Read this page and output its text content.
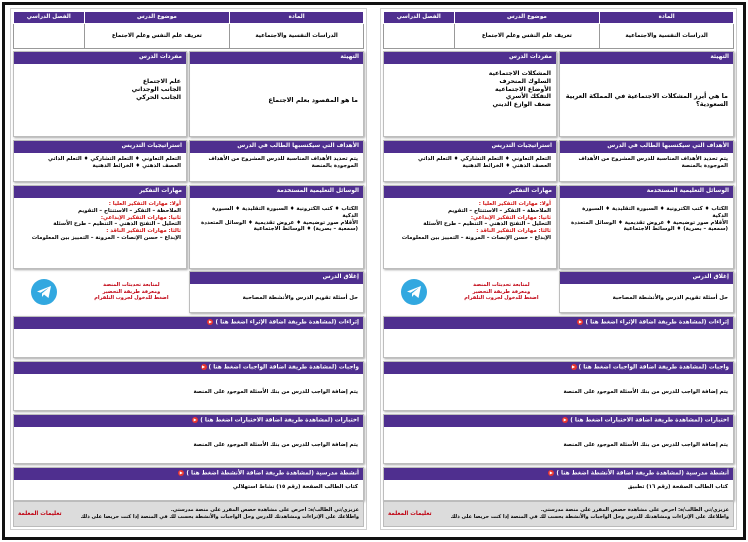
المادة	موضوع الدرس	الفصل الدراسي
الدراسات النفسية والاجتماعية	تعريف علم النفس وعلم الاجتماع	
التهيئة
ما هي أبرز المشكلات الاجتماعية في المملكة العربية السعودية؟
مفردات الدرس
المشكلات الاجتماعية
السلوك المنحرف
الأوضاع الاجتماعية
التفكك الأسري
ضعف الوازع الديني
الأهداف التي سيكتسبها الطالب في الدرس
يتم تحديد الأهداف المناسبة للدرس المشروح من الأهداف الموجودة بالمنصة
استراتيجيات التدريس
التعلم التعاوني ♦ التعلم التشاركي ♦ التعلم الذاتي
العصف الذهني ♦ الخرائط الذهنية
الوسائل التعليمية المستخدمة
الكتاب ♦ كتب الكترونية ♦ السبورة التقليدية ♦ السبورة الذكية
الأقلام صور توضيحية ♦ عروض تقديمية ♦ الوسائل المتعددة
(سمعية – بصرية) ♦ الوسائط الاجتماعية
مهارات التفكير
أولا: مهارات التفكير العليا :
الملاحظة – التفكر – الاستنتاج – التقويم
ثانيا: مهارات التفكير الإبداعي:
التحليل – التفتح الذهني – التنظيم – طرح الأسئلة
ثالثا: مهارات التفكير الناقد :
الإبداع – حسن الإنصات – المرونة – التمييز بين المعلومات
إغلاق الدرس
حل أسئلة تقويم الدرس والأنشطة المصاحبة
لمتابعة تحديثات المنصة
ومعرفة طريقة التحضير
اضغط للدخول لجروب التلقرام
إثراءات (لمشاهدة طريقة اضافة الإثراء اضغط هنا ) ▶
واجبات (لمشاهدة طريقة اضافة الواجبات اضغط هنا ) ▶
يتم إضافة الواجب للدرس من بنك الأسئلة الموجود على المنصة
اختبارات (لمشاهدة طريقة اضافة الاختبارات اضغط هنا ) ▶
يتم إضافة الواجب للدرس من بنك الأسئلة الموجود على المنصة
أنشطة مدرسية (لمشاهدة طريقة اضافة الأنشطة اضغط هنا ) ▶
كتاب الطالب الصفحة (رقم ١٦) تطبيق
عزيزي/تي الطالب/ة: احرص على مشاهدة حصص المقرر على منصة مدرستي.
واطلاعك على الإثراءات ومشاهدتك للدرس وحل الواجبات والأنشطة يحسب لك في المنصة إذا كنت حريصا على ذلك
تعليمات المعلمة
المادة	موضوع الدرس	الفصل الدراسي
الدراسات النفسية والاجتماعية	تعريف علم النفس وعلم الاجتماع	
التهيئة
ما هو المقصود بعلم الاجتماع
مفردات الدرس
علم الاجتماع
الجانب الوجداني
الجانب الحركي
الأهداف التي سيكتسبها الطالب في الدرس
يتم تحديد الأهداف المناسبة للدرس المشروح من الأهداف الموجودة بالمنصة
استراتيجيات التدريس
التعلم التعاوني ♦ التعلم التشاركي ♦ التعلم الذاتي
العصف الذهني ♦ الخرائط الذهنية
الوسائل التعليمية المستخدمة
الكتاب ♦ كتب الكترونية ♦ السبورة التقليدية ♦ السبورة الذكية
الأقلام صور توضيحية ♦ عروض تقديمية ♦ الوسائل المتعددة
(سمعية – بصرية) ♦ الوسائط الاجتماعية
مهارات التفكير
أولا: مهارات التفكير العليا :
الملاحظة – التفكر – الاستنتاج – التقويم
ثانيا: مهارات التفكير الإبداعي:
التحليل – التفتح الذهني – التنظيم – طرح الأسئلة
ثالثا: مهارات التفكير الناقد :
الإبداع – حسن الإنصات – المرونة – التمييز بين المعلومات
إغلاق الدرس
حل أسئلة تقويم الدرس والأنشطة المصاحبة
لمتابعة تحديثات المنصة
ومعرفة طريقة التحضير
اضغط للدخول لجروب التلقرام
إثراءات (لمشاهدة طريقة اضافة الإثراء اضغط هنا ) ▶
واجبات (لمشاهدة طريقة اضافة الواجبات اضغط هنا ) ▶
يتم إضافة الواجب للدرس من بنك الأسئلة الموجود على المنصة
اختبارات (لمشاهدة طريقة اضافة الاختبارات اضغط هنا ) ▶
يتم إضافة الواجب للدرس من بنك الأسئلة الموجود على المنصة
أنشطة مدرسية (لمشاهدة طريقة اضافة الأنشطة اضغط هنا ) ▶
كتاب الطالب الصفحة (رقم ١٥) نشاط استهلالي
عزيزي/تي الطالب/ة: احرص على مشاهدة حصص المقرر على منصة مدرستي.
واطلاعك على الإثراءات ومشاهدتك للدرس وحل الواجبات والأنشطة يحسب لك في المنصة إذا كنت حريصا على ذلك
تعليمات المعلمة
